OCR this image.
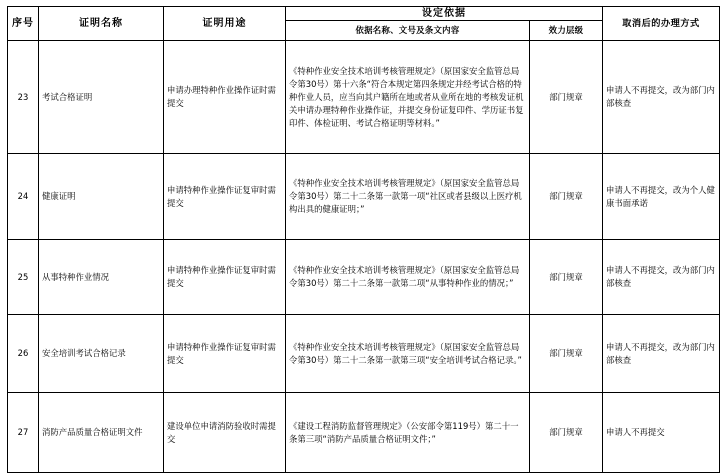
序号	证明名称	证明用途	设定依据		取消后的办理方式
			依据名称、文号及条文内容	效力层级	
23	考试合格证明	申请办理特种作业操作证时需提交	《特种作业安全技术培训考核管理规定》（原国家安全监管总局令第30号）第十六条“符合本规定第四条规定并经考试合格的特种作业人员，应当向其户籍所在地或者从业所在地的考核发证机关申请办理特种作业操作证，并提交身份证复印件、学历证书复印件、体检证明、考试合格证明等材料。”	部门规章	申请人不再提交，改为部门内部核查
24	健康证明	申请特种作业操作证复审时需提交	《特种作业安全技术培训考核管理规定》（原国家安全监管总局令第30号）第二十二条第一款第一项“社区或者县级以上医疗机构出具的健康证明；”	部门规章	申请人不再提交，改为个人健康书面承诺
25	从事特种作业情况	申请特种作业操作证复审时需提交	《特种作业安全技术培训考核管理规定》（原国家安全监管总局令第30号）第二十二条第一款第二项“从事特种作业的情况；”	部门规章	申请人不再提交，改为部门内部核查
26	安全培训考试合格记录	申请特种作业操作证复审时需提交	《特种作业安全技术培训考核管理规定》（原国家安全监管总局令第30号）第二十二条第一款第三项“安全培训考试合格记录。”	部门规章	申请人不再提交，改为部门内部核查
27	消防产品质量合格证明文件	建设单位申请消防验收时需提交	《建设工程消防监督管理规定》（公安部令第119号）第二十一条第三项“消防产品质量合格证明文件；”	部门规章	申请人不再提交
